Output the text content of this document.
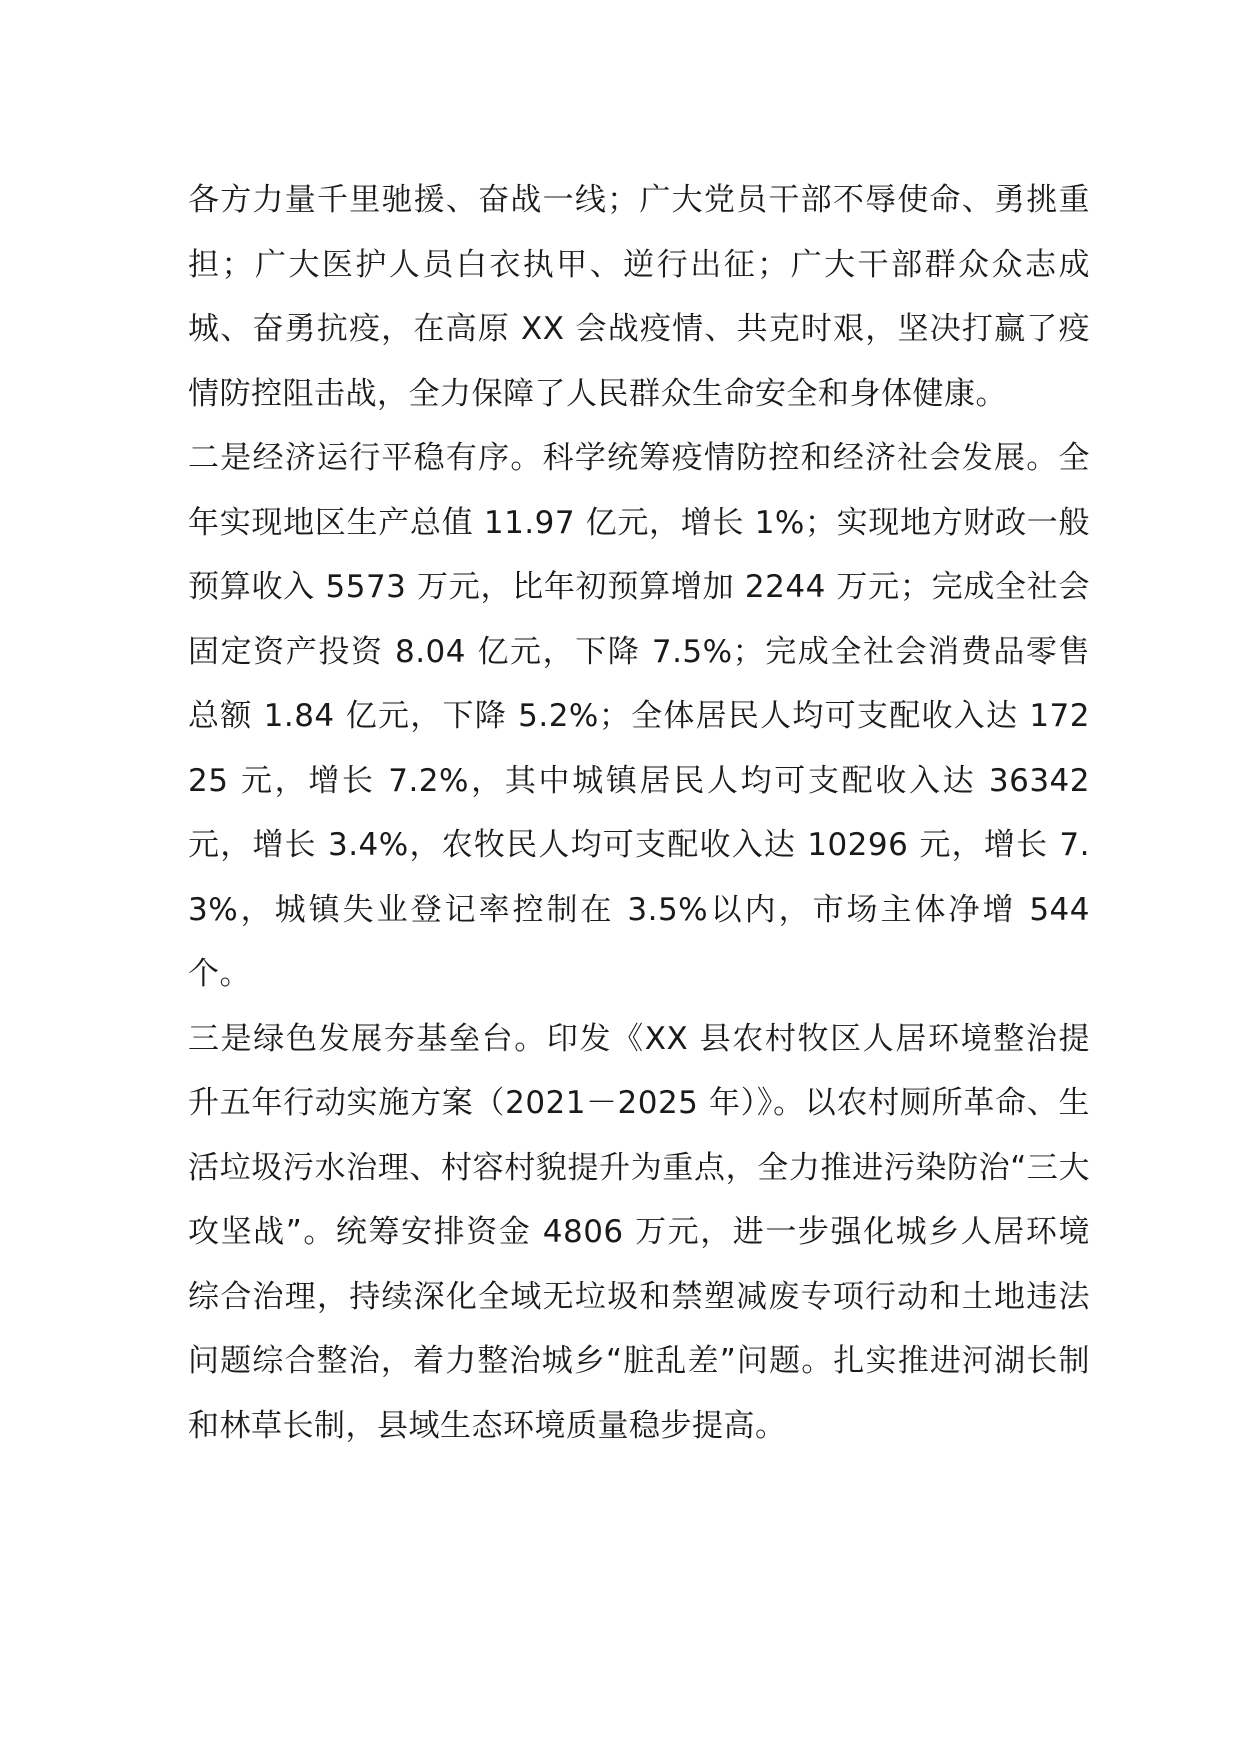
各方力量千里驰援、奋战一线；广大党员干部不辱使命、勇挑重担；广大医护人员白衣执甲、逆行出征；广大干部群众众志成城、奋勇抗疫，在高原 XX 会战疫情、共克时艰，坚决打赢了疫情防控阻击战，全力保障了人民群众生命安全和身体健康。

二是经济运行平稳有序。科学统筹疫情防控和经济社会发展。全年实现地区生产总值 11.97 亿元，增长 1%；实现地方财政一般预算收入 5573 万元，比年初预算增加 2244 万元；完成全社会固定资产投资 8.04 亿元，下降 7.5%；完成全社会消费品零售总额 1.84 亿元，下降 5.2%；全体居民人均可支配收入达 17225 元，增长 7.2%，其中城镇居民人均可支配收入达 36342 元，增长 3.4%，农牧民人均可支配收入达 10296 元，增长 7.3%，城镇失业登记率控制在 3.5%以内，市场主体净增 544 个。

三是绿色发展夯基垒台。印发《XX 县农村牧区人居环境整治提升五年行动实施方案（2021－2025 年）》。以农村厕所革命、生活垃圾污水治理、村容村貌提升为重点，全力推进污染防治“三大攻坚战”。统筹安排资金 4806 万元，进一步强化城乡人居环境综合治理，持续深化全域无垃圾和禁塑减废专项行动和土地违法问题综合整治，着力整治城乡“脏乱差”问题。扎实推进河湖长制和林草长制，县域生态环境质量稳步提高。
